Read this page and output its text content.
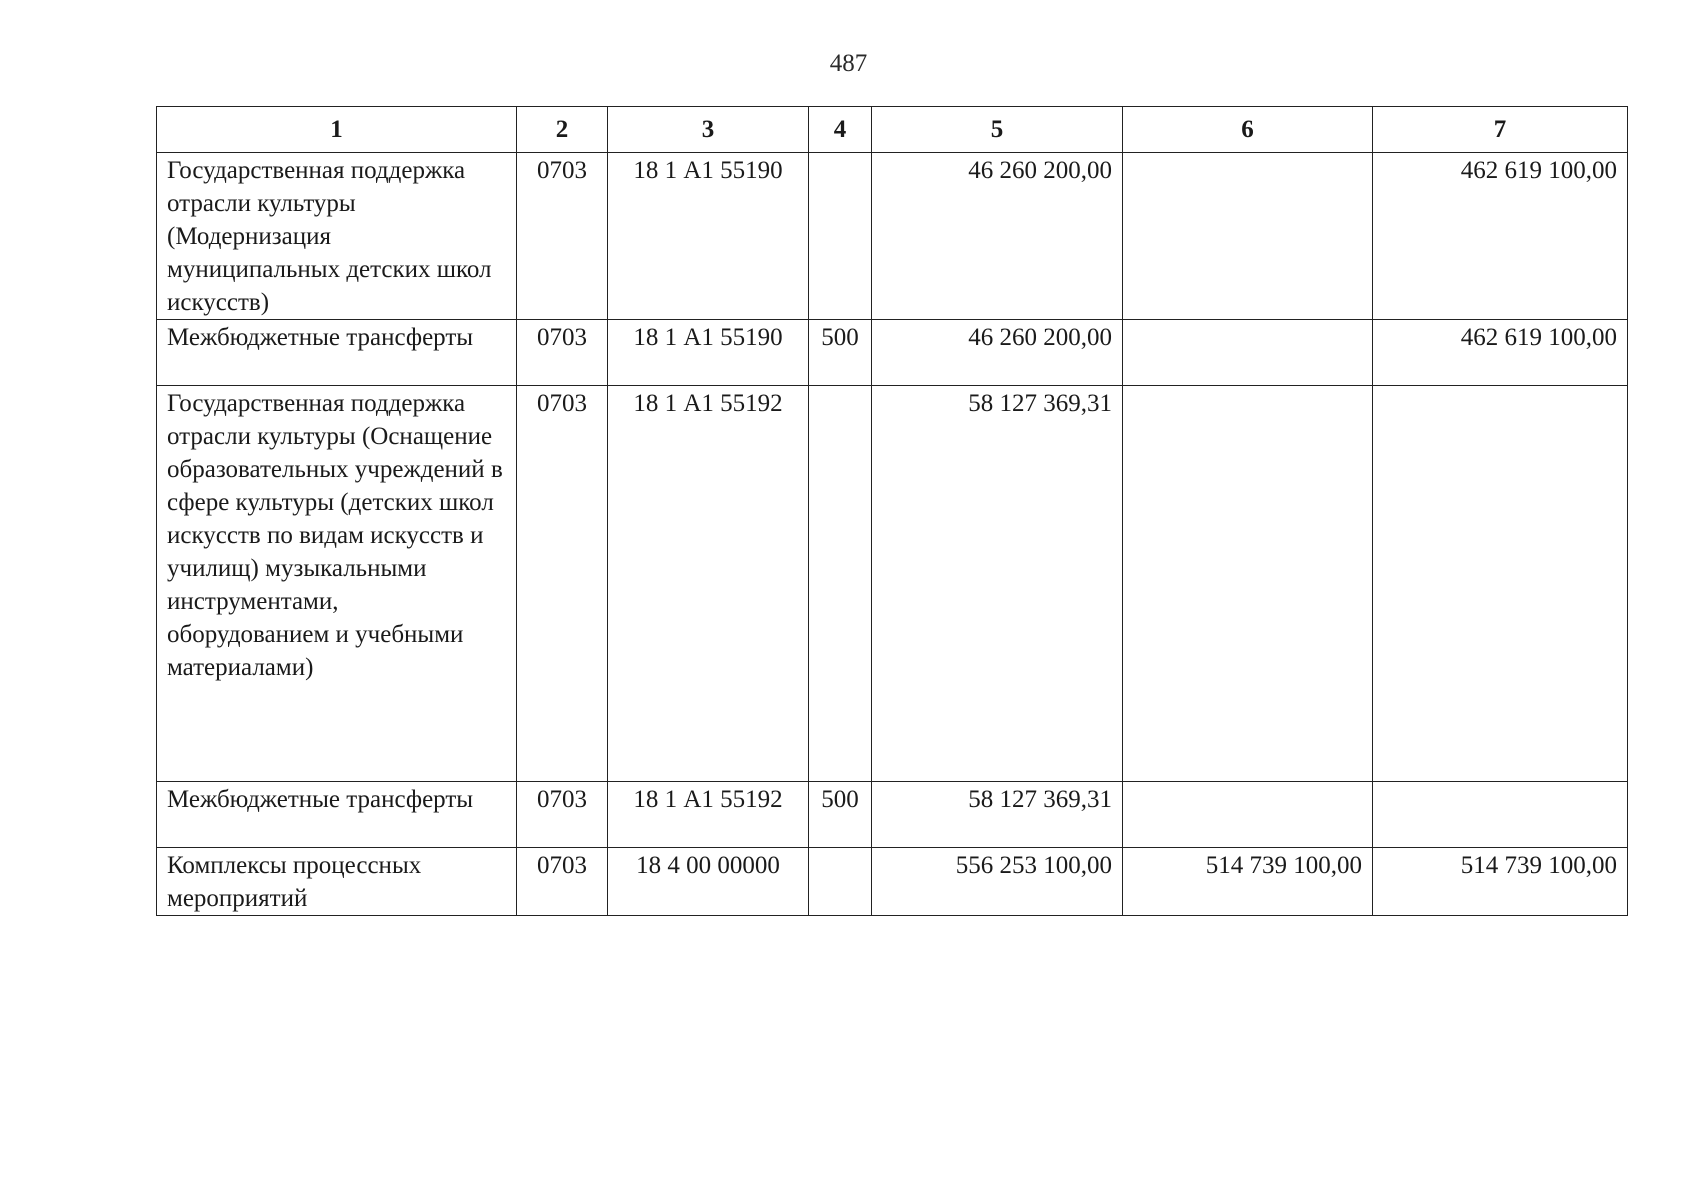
487
1	2	3	4	5	6	7
Государственная поддержка отрасли культуры (Модернизация муниципальных детских школ искусств)	0703	18 1 А1 55190		46 260 200,00		462 619 100,00
Межбюджетные трансферты	0703	18 1 А1 55190	500	46 260 200,00		462 619 100,00
Государственная поддержка отрасли культуры (Оснащение образовательных учреждений в сфере культуры (детских школ искусств по видам искусств и училищ) музыкальными инструментами, оборудованием и учебными материалами)	0703	18 1 А1 55192		58 127 369,31		
Межбюджетные трансферты	0703	18 1 А1 55192	500	58 127 369,31		
Комплексы процессных мероприятий	0703	18 4 00 00000		556 253 100,00	514 739 100,00	514 739 100,00
